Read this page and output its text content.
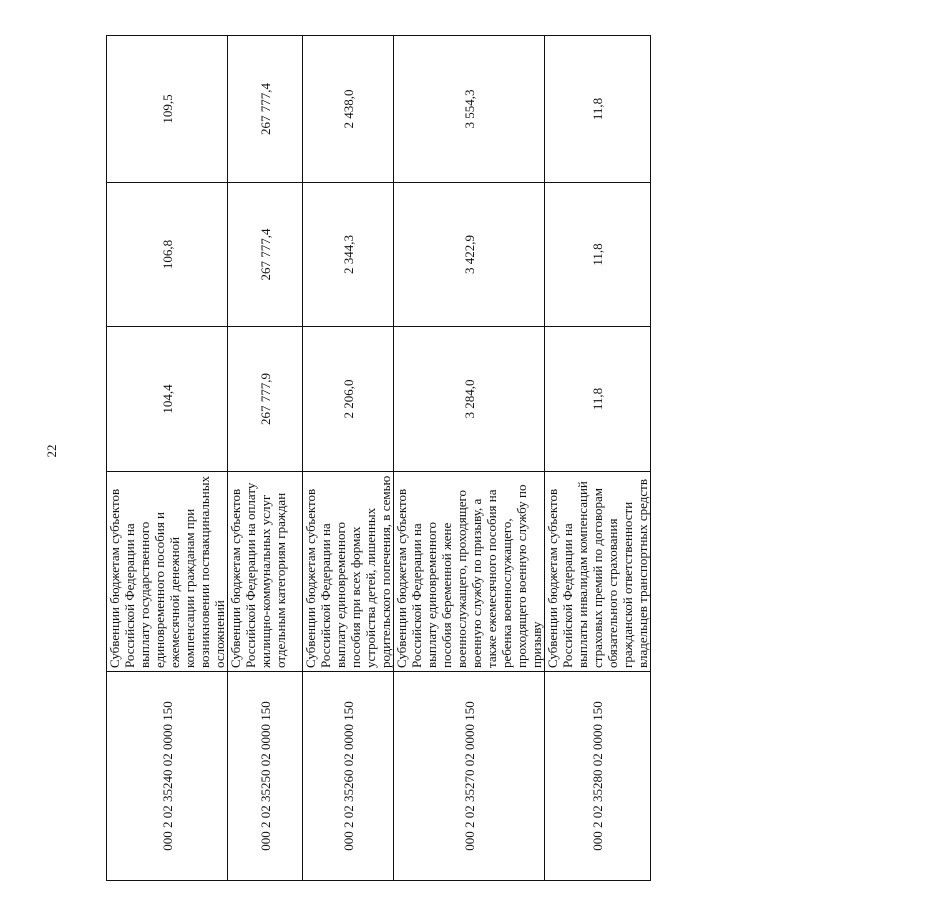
22
000 2 02 35240 02 0000 150	Субвенции бюджетам субъектов Российской Федерации на выплату государственного единовременного пособия и ежемесячной денежной компенсации гражданам при возникновении поствакцинальных осложнений	104,4	106,8	109,5
000 2 02 35250 02 0000 150	Субвенции бюджетам субъектов Российской Федерации на оплату жилищно-коммунальных услуг отдельным категориям граждан	267 777,9	267 777,4	267 777,4
000 2 02 35260 02 0000 150	Субвенции бюджетам субъектов Российской Федерации на выплату единовременного пособия при всех формах устройства детей, лишенных родительского попечения, в семью	2 206,0	2 344,3	2 438,0
000 2 02 35270 02 0000 150	Субвенции бюджетам субъектов Российской Федерации на выплату единовременного пособия беременной жене военнослужащего, проходящего военную службу по призыву, а также ежемесячного пособия на ребенка военнослужащего, проходящего военную службу по призыву	3 284,0	3 422,9	3 554,3
000 2 02 35280 02 0000 150	Субвенции бюджетам субъектов Российской Федерации на выплаты инвалидам компенсаций страховых премий по договорам обязательного страхования гражданской ответственности владельцев транспортных средств	11,8	11,8	11,8
